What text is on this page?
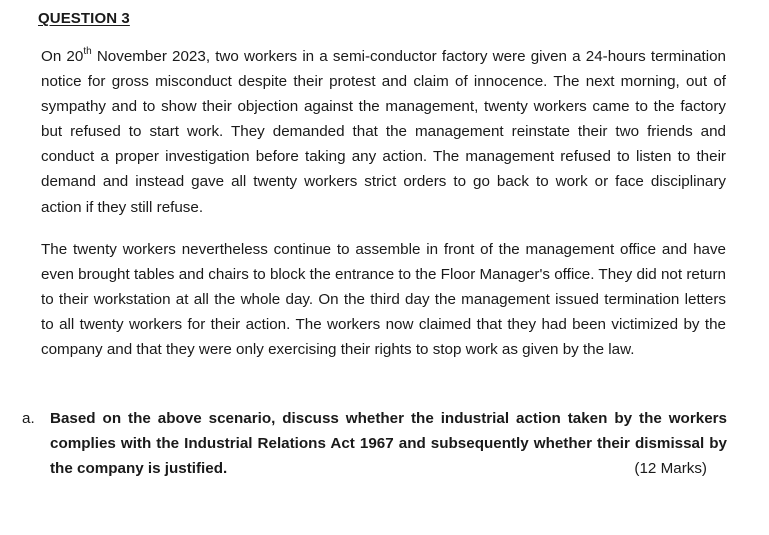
QUESTION 3

On 20th November 2023, two workers in a semi-conductor factory were given a 24-hours termination notice for gross misconduct despite their protest and claim of innocence. The next morning, out of sympathy and to show their objection against the management, twenty workers came to the factory but refused to start work. They demanded that the management reinstate their two friends and conduct a proper investigation before taking any action. The management refused to listen to their demand and instead gave all twenty workers strict orders to go back to work or face disciplinary action if they still refuse.

The twenty workers nevertheless continue to assemble in front of the management office and have even brought tables and chairs to block the entrance to the Floor Manager's office. They did not return to their workstation at all the whole day. On the third day the management issued termination letters to all twenty workers for their action. The workers now claimed that they had been victimized by the company and that they were only exercising their rights to stop work as given by the law.

a. Based on the above scenario, discuss whether the industrial action taken by the workers complies with the Industrial Relations Act 1967 and subsequently whether their dismissal by the company is justified.	(12 Marks)
